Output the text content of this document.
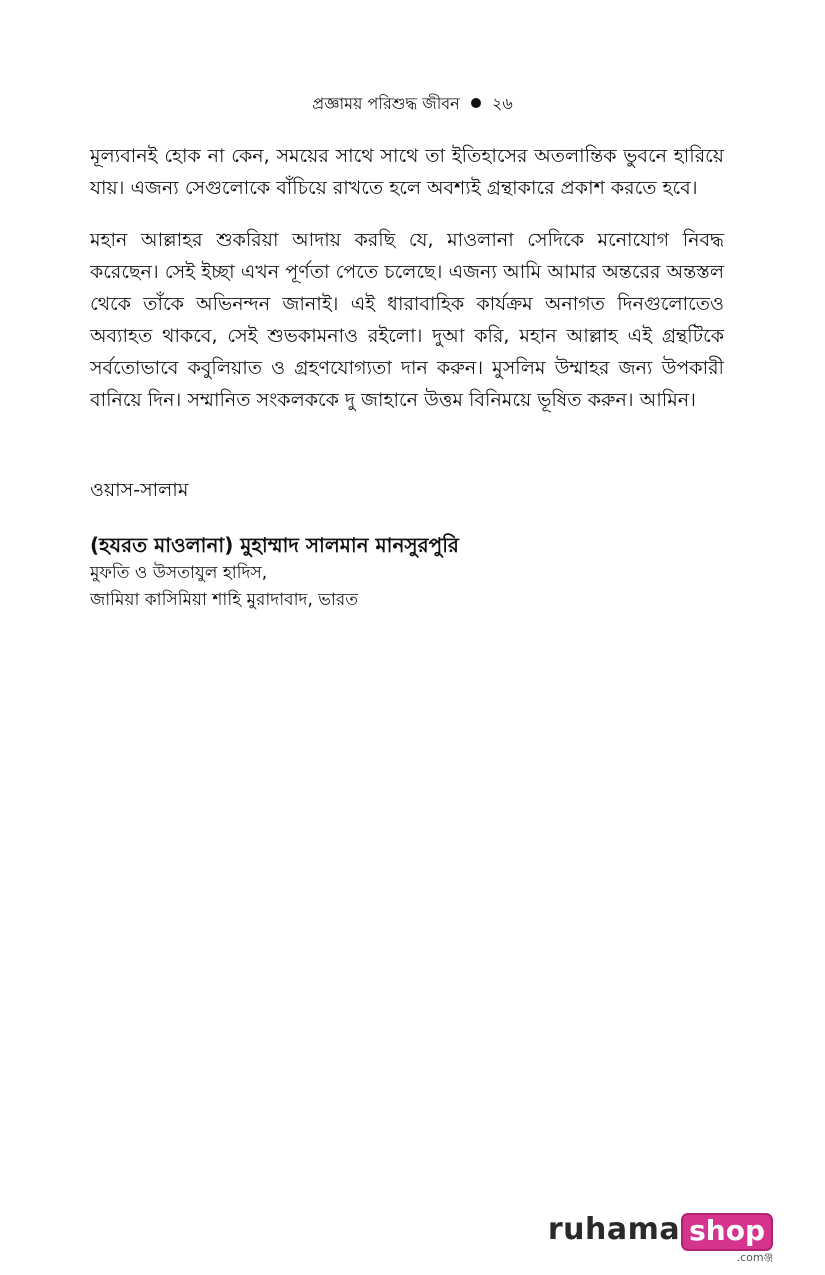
প্রজ্ঞাময় পরিশুদ্ধ জীবন ২৬

মূল্যবানই হোক না কেন, সময়ের সাথে সাথে তা ইতিহাসের অতলান্তিক ভুবনে হারিয়ে যায়। এজন্য সেগুলোকে বাঁচিয়ে রাখতে হলে অবশ্যই গ্রন্থাকারে প্রকাশ করতে হবে।

মহান আল্লাহর শুকরিয়া আদায় করছি যে, মাওলানা সেদিকে মনোযোগ নিবদ্ধ করেছেন। সেই ইচ্ছা এখন পূর্ণতা পেতে চলেছে। এজন্য আমি আমার অন্তরের অন্তস্তল থেকে তাঁকে অভিনন্দন জানাই। এই ধারাবাহিক কার্যক্রম অনাগত দিনগুলোতেও অব্যাহত থাকবে, সেই শুভকামনাও রইলো। দুআ করি, মহান আল্লাহ এই গ্রন্থটিকে সর্বতোভাবে কবুলিয়াত ও গ্রহণযোগ্যতা দান করুন। মুসলিম উম্মাহর জন্য উপকারী বানিয়ে দিন। সম্মানিত সংকলককে দু জাহানে উত্তম বিনিময়ে ভূষিত করুন। আমিন।

ওয়াস-সালাম

(হযরত মাওলানা) মুহাম্মাদ সালমান মানসুরপুরি
মুফতি ও উসতাযুল হাদিস,
জামিয়া কাসিমিয়া শাহি মুরাদাবাদ, ভারত
ruhama shop
.comঞ্জ
